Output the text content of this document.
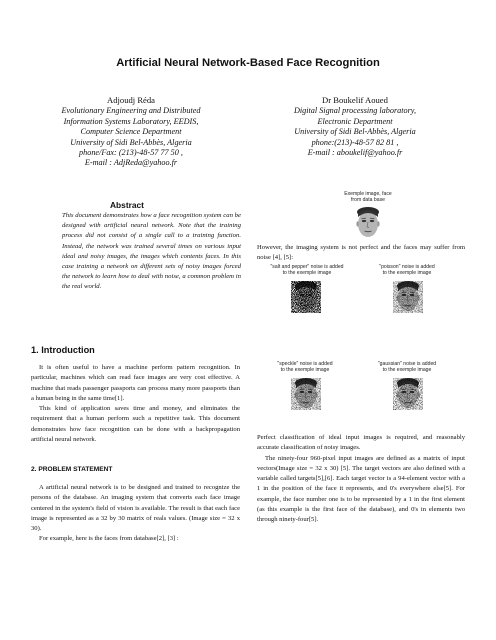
Artificial Neural Network-Based Face Recognition
Adjoudj Réda
Evolutionary Engineering and Distributed
Information Systems Laboratory, EEDIS,
Computer Science Department
University of Sidi Bel-Abbès, Algeria
phone/Fax: (213)-48-57 77 50 ,
E-mail : AdjReda@yahoo.fr
Dr Boukelif Aoued
Digital Signal processing laboratory,
Electronic Department
University of Sidi Bel-Abbès, Algeria
phone:(213)-48-57 82 81 ,
E-mail : aboukelif@yahoo.fr
Abstract
This document demonstrates how a face recognition system can be designed with artificial neural network. Note that the training process did not consist of a single call to a training function. Instead, the network was trained several times on various input ideal and noisy images, the images which contents faces. In this case training a network on different sets of noisy images forced the network to learn how to deal with noise, a common problem in the real world.
1. Introduction

It is often useful to have a machine perform pattern recognition. In particular, machines which can read face images are very cost effective. A machine that reads passenger passports can process many more passports than a human being in the same time[1].

This kind of application saves time and money, and eliminates the requirement that a human perform such a repetitive task. This document demonstrates how face recognition can be done with a backpropagation artificial neural network.

2. PROBLEM STATEMENT

A artificial neural network is to be designed and trained to recognize the persons of the database. An imaging system that converts each face image centered in the system's field of vision is available. The result is that each face image is represented as a 32 by 30 matrix of reals values. (Image size = 32 x 30).

For example, here is the faces from database[2], [3] :

Exemple image, face
from data base
However, the imaging system is not perfect and the faces may suffer from noise [4], [5]:
"salt and pepper" noise is added
to the exemple image
"poisson" noise is added
to the exemple image
"speckle" noise is added
to the exemple image
"gaussian" noise is added
to the exemple image

Perfect classification of ideal input images is required, and reasonably accurate classification of noisy images.

The ninety-four 960-pixel input images are defined as a matrix of input vectors(Image size = 32 x 30) [5]. The target vectors are also defined with a variable called targets[5],[6]. Each target vector is a 94-element vector with a 1 in the position of the face it represents, and 0's everywhere else[5]. For example, the face number one is to be represented by a 1 in the first element (as this example is the first face of the database), and 0's in elements two through ninety-four[5].
